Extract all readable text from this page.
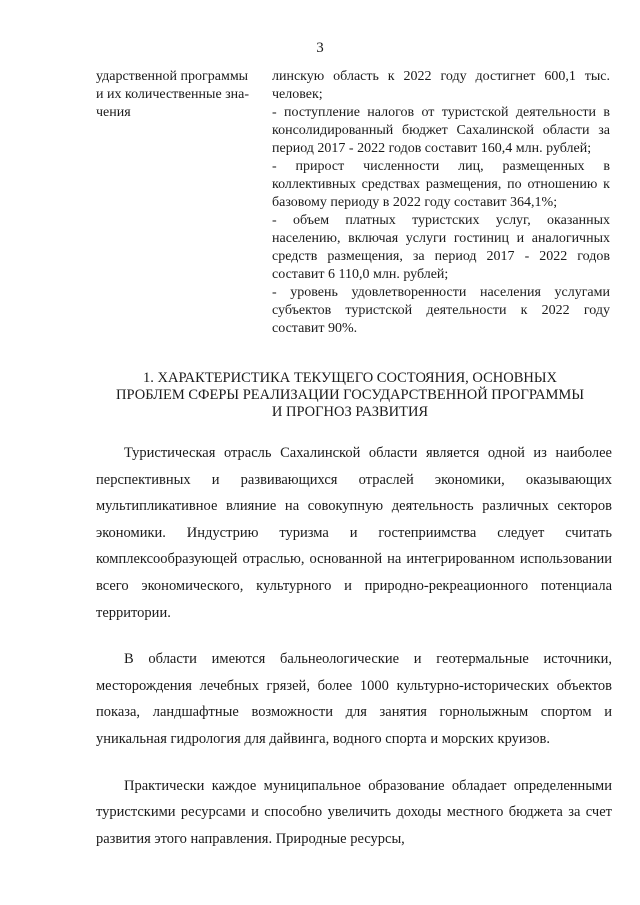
3
ударственной программы
и их количественные зна-
чения

линскую область к 2022 году достигнет 600,1 тыс. человек;

- поступление налогов от туристской деятельности в консолидированный бюджет Сахалинской области за период 2017 - 2022 годов составит 160,4 млн. рублей;

- прирост численности лиц, размещенных в коллективных средствах размещения, по отношению к базовому периоду в 2022 году составит 364,1%;

- объем платных туристских услуг, оказанных населению, включая услуги гостиниц и аналогичных средств размещения, за период 2017 - 2022 годов составит 6 110,0 млн. рублей;

- уровень удовлетворенности населения услугами субъектов туристской деятельности к 2022 году составит 90%.

1. ХАРАКТЕРИСТИКА ТЕКУЩЕГО СОСТОЯНИЯ, ОСНОВНЫХ
ПРОБЛЕМ СФЕРЫ РЕАЛИЗАЦИИ ГОСУДАРСТВЕННОЙ ПРОГРАММЫ
И ПРОГНОЗ РАЗВИТИЯ

Туристическая отрасль Сахалинской области является одной из наиболее перспективных и развивающихся отраслей экономики, оказывающих мультипликативное влияние на совокупную деятельность различных секторов экономики. Индустрию туризма и гостеприимства следует считать комплексообразующей отраслью, основанной на интегрированном использовании всего экономического, культурного и природно-рекреационного потенциала территории.

В области имеются бальнеологические и геотермальные источники, месторождения лечебных грязей, более 1000 культурно-исторических объектов показа, ландшафтные возможности для занятия горнолыжным спортом и уникальная гидрология для дайвинга, водного спорта и морских круизов.

Практически каждое муниципальное образование обладает определенными туристскими ресурсами и способно увеличить доходы местного бюджета за счет развития этого направления. Природные ресурсы,
